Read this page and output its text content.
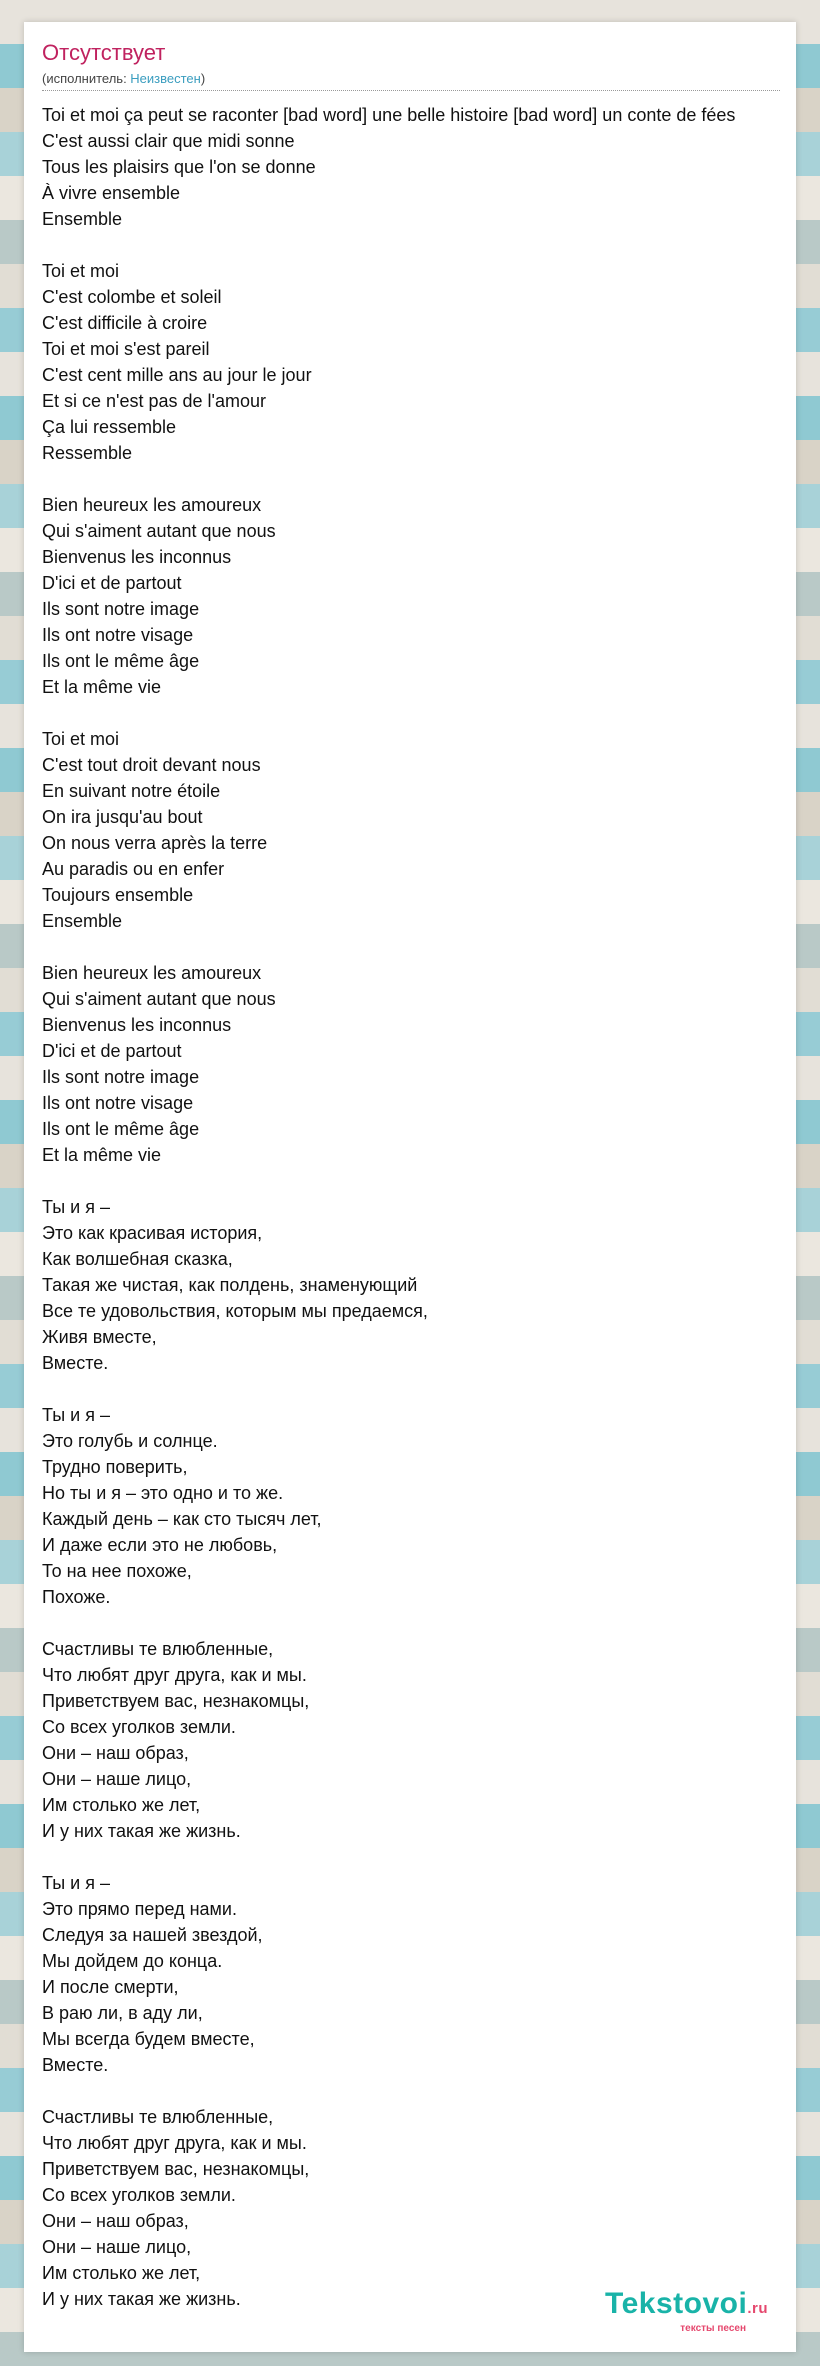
Отсутствует
(исполнитель: Неизвестен)
Toi et moi ça peut se raconter [bad word] une belle histoire [bad word] un conte de fées
C'est aussi clair que midi sonne
Tous les plaisirs que l'on se donne
À vivre ensemble
Ensemble
Toi et moi
C'est colombe et soleil
C'est difficile à croire
Toi et moi s'est pareil
C'est cent mille ans au jour le jour
Et si ce n'est pas de l'amour
Ça lui ressemble
Ressemble
Bien heureux les amoureux
Qui s'aiment autant que nous
Bienvenus les inconnus
D'ici et de partout
Ils sont notre image
Ils ont notre visage
Ils ont le même âge
Et la même vie
Toi et moi
C'est tout droit devant nous
En suivant notre étoile
On ira jusqu'au bout
On nous verra après la terre
Au paradis ou en enfer
Toujours ensemble
Ensemble
Bien heureux les amoureux
Qui s'aiment autant que nous
Bienvenus les inconnus
D'ici et de partout
Ils sont notre image
Ils ont notre visage
Ils ont le même âge
Et la même vie
Ты и я –
Это как красивая история,
Как волшебная сказка,
Такая же чистая, как полдень, знаменующий
Все те удовольствия, которым мы предаемся,
Живя вместе,
Вместе.
Ты и я –
Это голубь и солнце.
Трудно поверить,
Но ты и я – это одно и то же.
Каждый день – как сто тысяч лет,
И даже если это не любовь,
То на нее похоже,
Похоже.
Счастливы те влюбленные,
Что любят друг друга, как и мы.
Приветствуем вас, незнакомцы,
Со всех уголков земли.
Они – наш образ,
Они – наше лицо,
Им столько же лет,
И у них такая же жизнь.
Ты и я –
Это прямо перед нами.
Следуя за нашей звездой,
Мы дойдем до конца.
И после смерти,
В раю ли, в аду ли,
Мы всегда будем вместе,
Вместе.
Счастливы те влюбленные,
Что любят друг друга, как и мы.
Приветствуем вас, незнакомцы,
Со всех уголков земли.
Они – наш образ,
Они – наше лицо,
Им столько же лет,
И у них такая же жизнь.	Tekstovoi.ru
тексты песен
